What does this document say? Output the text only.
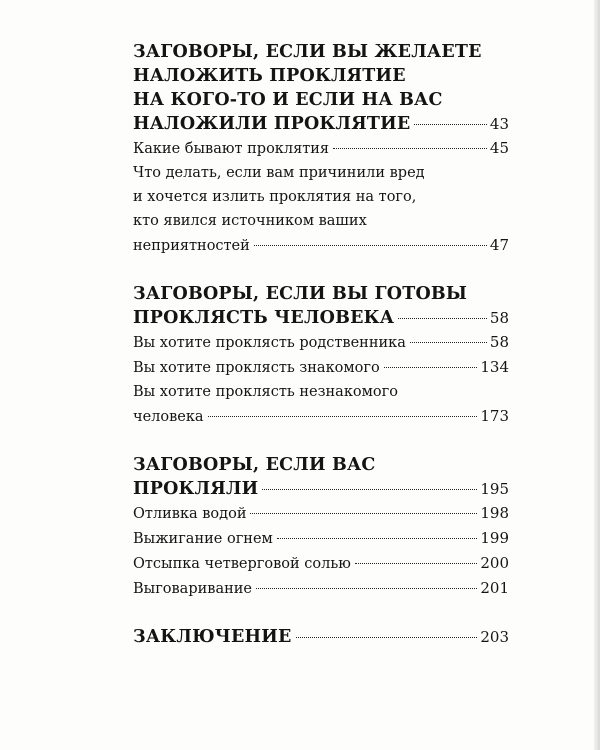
ЗАГОВОРЫ, ЕСЛИ ВЫ ЖЕЛАЕТЕ
НАЛОЖИТЬ ПРОКЛЯТИЕ
НА КОГО-ТО И ЕСЛИ НА ВАС
НАЛОЖИЛИ ПРОКЛЯТИЕ	43
Какие бывают проклятия	45
Что делать, если вам причинили вред
и хочется излить проклятия на того,
кто явился источником ваших
неприятностей	47
ЗАГОВОРЫ, ЕСЛИ ВЫ ГОТОВЫ
ПРОКЛЯСТЬ ЧЕЛОВЕКА	58
Вы хотите проклясть родственника	58
Вы хотите проклясть знакомого	134
Вы хотите проклясть незнакомого
человека	173
ЗАГОВОРЫ, ЕСЛИ ВАС
ПРОКЛЯЛИ	195
Отливка водой	198
Выжигание огнем	199
Отсыпка четверговой солью	200
Выговаривание	201
ЗАКЛЮЧЕНИЕ	203
